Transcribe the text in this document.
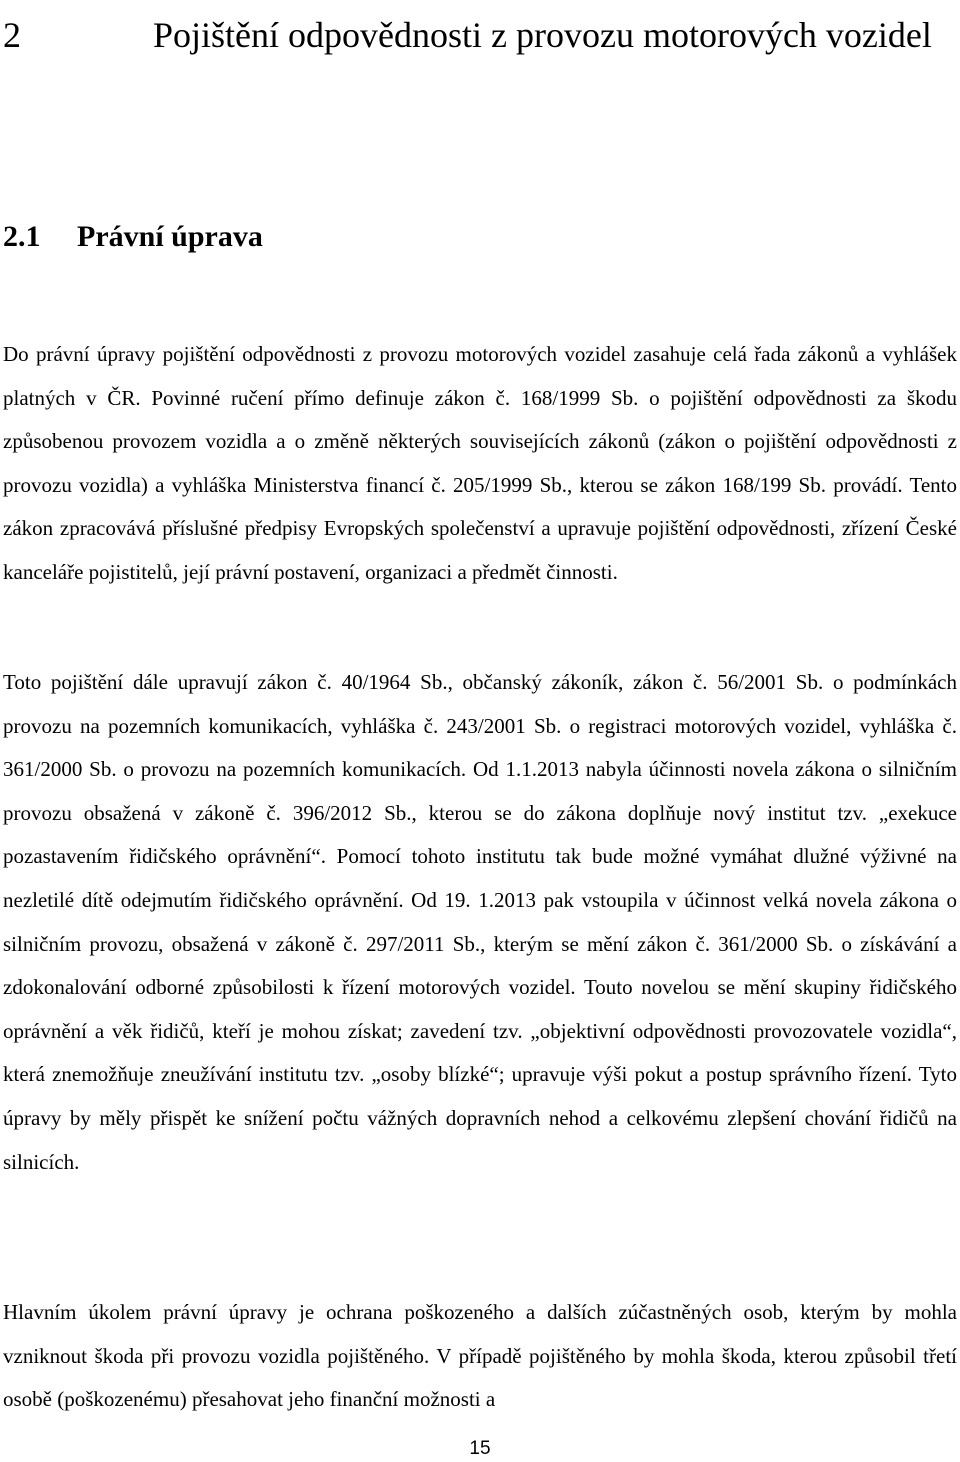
2	Pojištění odpovědnosti z provozu motorových vozidel
2.1 Právní úprava

Do právní úpravy pojištění odpovědnosti z provozu motorových vozidel zasahuje celá řada zákonů a vyhlášek platných v ČR. Povinné ručení přímo definuje zákon č. 168/1999 Sb. o pojištění odpovědnosti za škodu způsobenou provozem vozidla a o změně některých souvisejících zákonů (zákon o pojištění odpovědnosti z provozu vozidla) a vyhláška Ministerstva financí č. 205/1999 Sb., kterou se zákon 168/199 Sb. provádí. Tento zákon zpracovává příslušné předpisy Evropských společenství a upravuje pojištění odpovědnosti, zřízení České kanceláře pojistitelů, její právní postavení, organizaci a předmět činnosti.

Toto pojištění dále upravují zákon č. 40/1964 Sb., občanský zákoník, zákon č. 56/2001 Sb. o podmínkách provozu na pozemních komunikacích, vyhláška č. 243/2001 Sb. o registraci motorových vozidel, vyhláška č. 361/2000 Sb. o provozu na pozemních komunikacích. Od 1.1.2013 nabyla účinnosti novela zákona o silničním provozu obsažená v zákoně č. 396/2012 Sb., kterou se do zákona doplňuje nový institut tzv. „exekuce pozastavením řidičského oprávnění“. Pomocí tohoto institutu tak bude možné vymáhat dlužné výživné na nezletilé dítě odejmutím řidičského oprávnění. Od 19. 1.2013 pak vstoupila v účinnost velká novela zákona o silničním provozu, obsažená v zákoně č. 297/2011 Sb., kterým se mění zákon č. 361/2000 Sb. o získávání a zdokonalování odborné způsobilosti k řízení motorových vozidel. Touto novelou se mění skupiny řidičského oprávnění a věk řidičů, kteří je mohou získat; zavedení tzv. „objektivní odpovědnosti provozovatele vozidla“, která znemožňuje zneužívání institutu tzv. „osoby blízké“; upravuje výši pokut a postup správního řízení. Tyto úpravy by měly přispět ke snížení počtu vážných dopravních nehod a celkovému zlepšení chování řidičů na silnicích.

Hlavním úkolem právní úpravy je ochrana poškozeného a dalších zúčastněných osob, kterým by mohla vzniknout škoda při provozu vozidla pojištěného. V případě pojištěného by mohla škoda, kterou způsobil třetí osobě (poškozenému) přesahovat jeho finanční možnosti a

15
